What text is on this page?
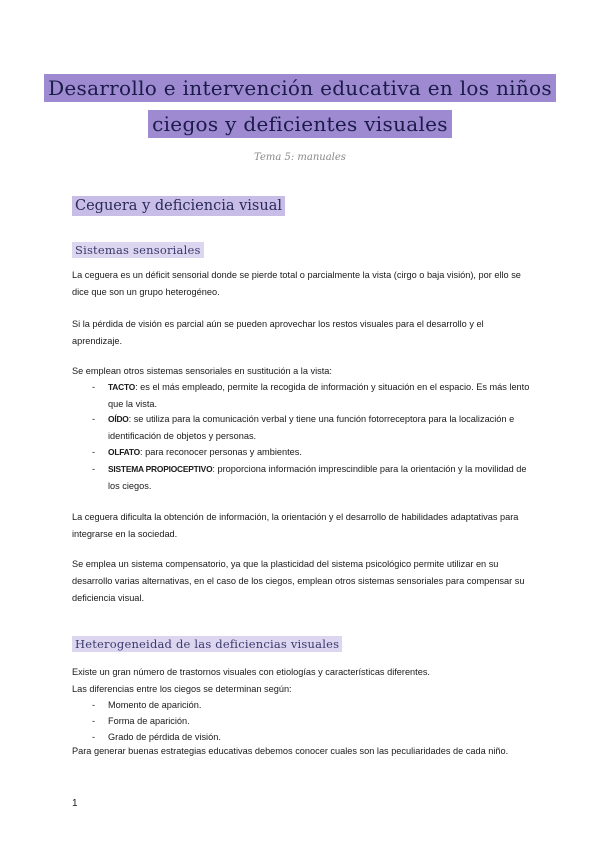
Desarrollo e intervención educativa en los niños ciegos y deficientes visuales
Tema 5: manuales
Ceguera y deficiencia visual
Sistemas sensoriales

La ceguera es un déficit sensorial donde se pierde total o parcialmente la vista (cirgo o baja visión), por ello se dice que son un grupo heterogéneo.

Si la pérdida de visión es parcial aún se pueden aprovechar los restos visuales para el desarrollo y el aprendizaje.

Se emplean otros sistemas sensoriales en sustitución a la vista:

- TACTO: es el más empleado, permite la recogida de información y situación en el espacio. Es más lento que la vista.
- OÍDO: se utiliza para la comunicación verbal y tiene una función fotorreceptora para la localización e identificación de objetos y personas.
- OLFATO: para reconocer personas y ambientes.
- SISTEMA PROPIOCEPTIVO: proporciona información imprescindible para la orientación y la movilidad de los ciegos.

La ceguera dificulta la obtención de información, la orientación y el desarrollo de habilidades adaptativas para integrarse en la sociedad.

Se emplea un sistema compensatorio, ya que la plasticidad del sistema psicológico permite utilizar en su desarrollo varias alternativas, en el caso de los ciegos, emplean otros sistemas sensoriales para compensar su deficiencia visual.

Heterogeneidad de las deficiencias visuales

Existe un gran número de trastornos visuales con etiologías y características diferentes.

Las diferencias entre los ciegos se determinan según:

- Momento de aparición.
- Forma de aparición.
- Grado de pérdida de visión.

Para generar buenas estrategias educativas debemos conocer cuales son las peculiaridades de cada niño.

1
